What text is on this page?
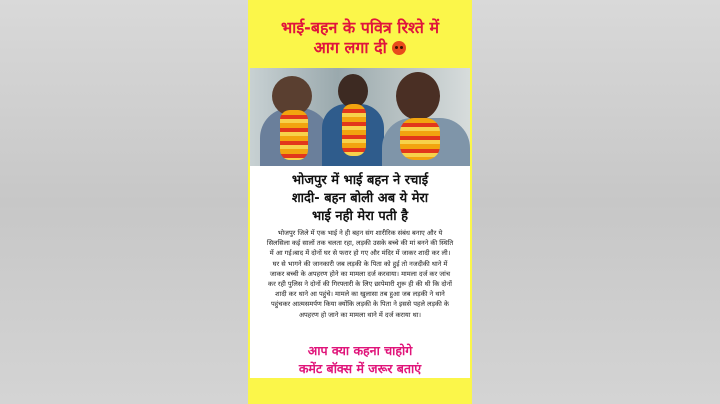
भाई-बहन के पवित्र रिश्ते में
आग लगा दी
भोजपुर में भाई बहन ने रचाई
शादी- बहन बोली अब ये मेरा
भाई नही मेरा पती है
भोजपुर जिले में एक भाई ने ही बहन संग शारीरिक संबंध बनाए और ये सिलसिला कई सालों तक चलता रहा, लड़की उसके बच्चे की मां बनने की स्थिति में आ गई।बाद में दोनों घर से फरार हो गए और मंदिर में जाकर शादी कर ली। घर से भागने की जानकारी जब लड़की के पिता को हुई तो नजदीकी थाने में जाकर बच्ची के अपहरण होने का मामला दर्ज करवाया। मामला दर्ज कर जांच कर रही पुलिस ने दोनों की गिरफ्तारी के लिए छापेमारी शुरू ही की थी कि दोनों शादी कर थाने आ पहुंचे। मामले का खुलासा तब हुआ जब लड़की ने थाने पहुंचकर आत्मसमर्पण किया क्योंकि लड़की के पिता ने इससे पहले लड़की के अपहरण हो जाने का मामला थाने में दर्ज कराया था।
आप क्या कहना चाहोगे
कमेंट बॉक्स में जरूर बताएं
